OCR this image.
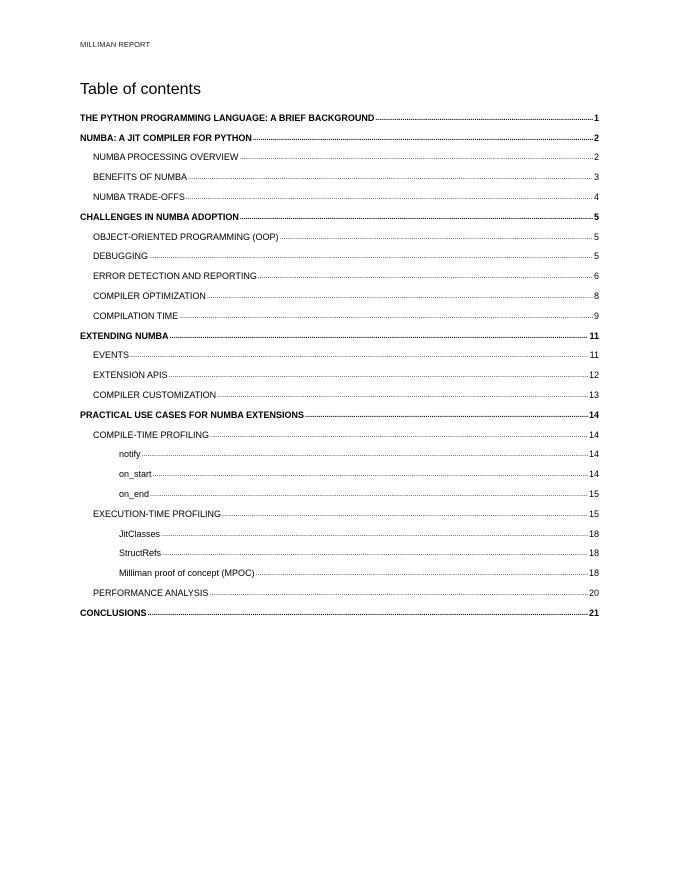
MILLIMAN REPORT
Table of contents
THE PYTHON PROGRAMMING LANGUAGE: A BRIEF BACKGROUND .....	1
NUMBA: A JIT COMPILER FOR PYTHON .....	2
NUMBA PROCESSING OVERVIEW .....	2
BENEFITS OF NUMBA .....	3
NUMBA TRADE-OFFS .....	4
CHALLENGES IN NUMBA ADOPTION .....	5
OBJECT-ORIENTED PROGRAMMING (OOP) .....	5
DEBUGGING .....	5
ERROR DETECTION AND REPORTING .....	6
COMPILER OPTIMIZATION .....	8
COMPILATION TIME .....	9
EXTENDING NUMBA .....	11
EVENTS .....	11
EXTENSION APIS .....	12
COMPILER CUSTOMIZATION .....	13
PRACTICAL USE CASES FOR NUMBA EXTENSIONS .....	14
COMPILE-TIME PROFILING .....	14
notify .....	14
on_start .....	14
on_end .....	15
EXECUTION-TIME PROFILING .....	15
JitClasses .....	18
StructRefs .....	18
Milliman proof of concept (MPOC) .....	18
PERFORMANCE ANALYSIS .....	20
CONCLUSIONS .....	21
